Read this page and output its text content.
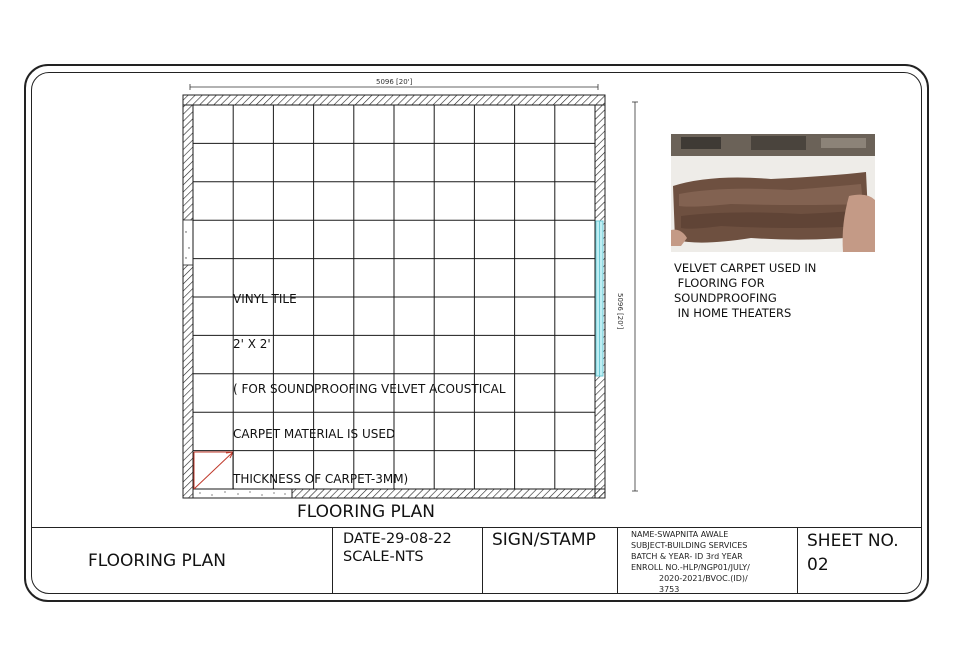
5096 [20']
5096 [20']

VINYL TILE

2' X 2'

( FOR SOUNDPROOFING VELVET ACOUSTICAL

CARPET MATERIAL IS USED

THICKNESS OF CARPET-3MM)

FLOORING PLAN
VELVET CARPET USED IN
FLOORING FOR
SOUNDPROOFING
IN HOME THEATERS
FLOORING PLAN
DATE-29-08-22
SCALE-NTS
SIGN/STAMP	NAME-SWAPNITA AWALE
SUBJECT-BUILDING SERVICES
BATCH & YEAR- ID 3rd YEAR
ENROLL NO.-HLP/NGP01/JULY/
2020-2021/BVOC.(ID)/
3753
SHEET NO.
02
